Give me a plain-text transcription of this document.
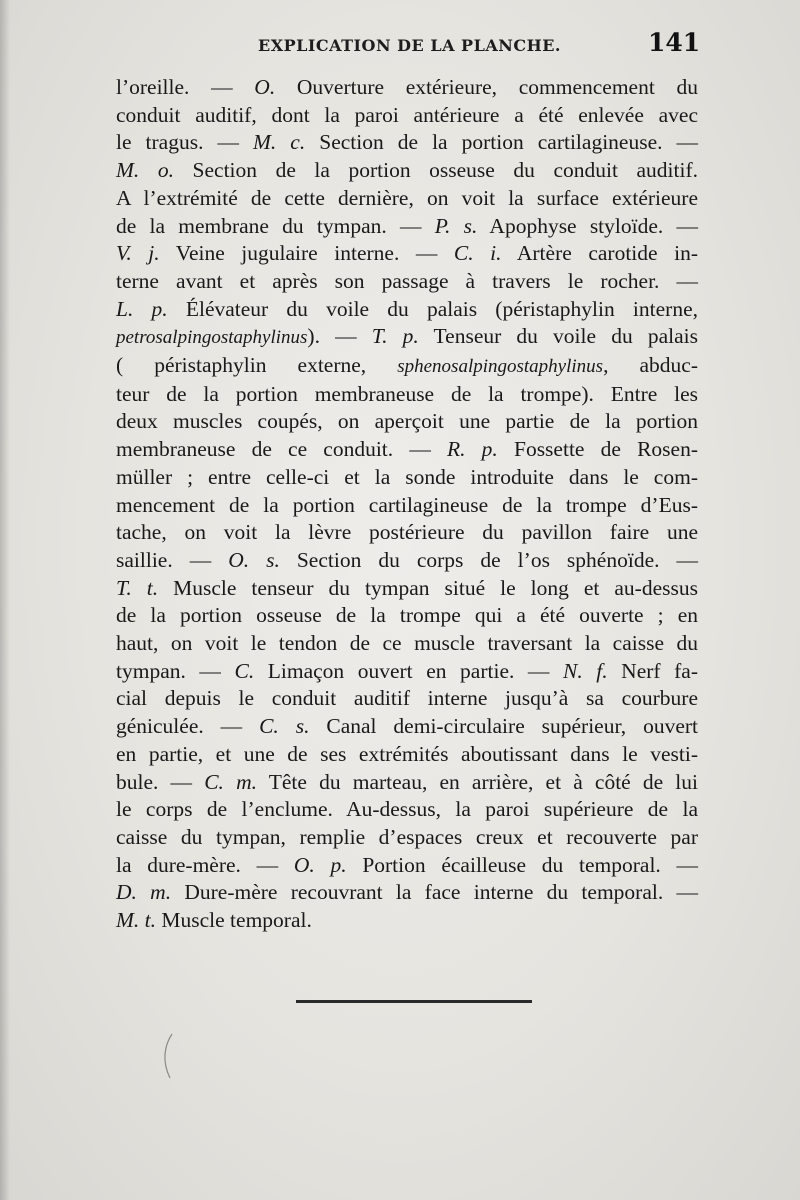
EXPLICATION DE LA PLANCHE.	141

l’oreille. — O. Ouverture extérieure, commencement du
conduit auditif, dont la paroi antérieure a été enlevée avec
le tragus. — M. c. Section de la portion cartilagineuse. —
M. o. Section de la portion osseuse du conduit auditif.
A l’extrémité de cette dernière, on voit la surface extérieure
de la membrane du tympan. — P. s. Apophyse styloïde. —
V. j. Veine jugulaire interne. — C. i. Artère carotide in-
terne avant et après son passage à travers le rocher. —
L. p. Élévateur du voile du palais (péristaphylin interne,
petrosalpingostaphylinus). — T. p. Tenseur du voile du palais
( péristaphylin externe, sphenosalpingostaphylinus, abduc-
teur de la portion membraneuse de la trompe). Entre les
deux muscles coupés, on aperçoit une partie de la portion
membraneuse de ce conduit. — R. p. Fossette de Rosen-
müller ; entre celle-ci et la sonde introduite dans le com-
mencement de la portion cartilagineuse de la trompe d’Eus-
tache, on voit la lèvre postérieure du pavillon faire une
saillie. — O. s. Section du corps de l’os sphénoïde. —
T. t. Muscle tenseur du tympan situé le long et au-dessus
de la portion osseuse de la trompe qui a été ouverte ; en
haut, on voit le tendon de ce muscle traversant la caisse du
tympan. — C. Limaçon ouvert en partie. — N. f. Nerf fa-
cial depuis le conduit auditif interne jusqu’à sa courbure
géniculée. — C. s. Canal demi-circulaire supérieur, ouvert
en partie, et une de ses extrémités aboutissant dans le vesti-
bule. — C. m. Tête du marteau, en arrière, et à côté de lui
le corps de l’enclume. Au-dessus, la paroi supérieure de la
caisse du tympan, remplie d’espaces creux et recouverte par
la dure-mère. — O. p. Portion écailleuse du temporal. —
D. m. Dure-mère recouvrant la face interne du temporal. —
M. t. Muscle temporal.
